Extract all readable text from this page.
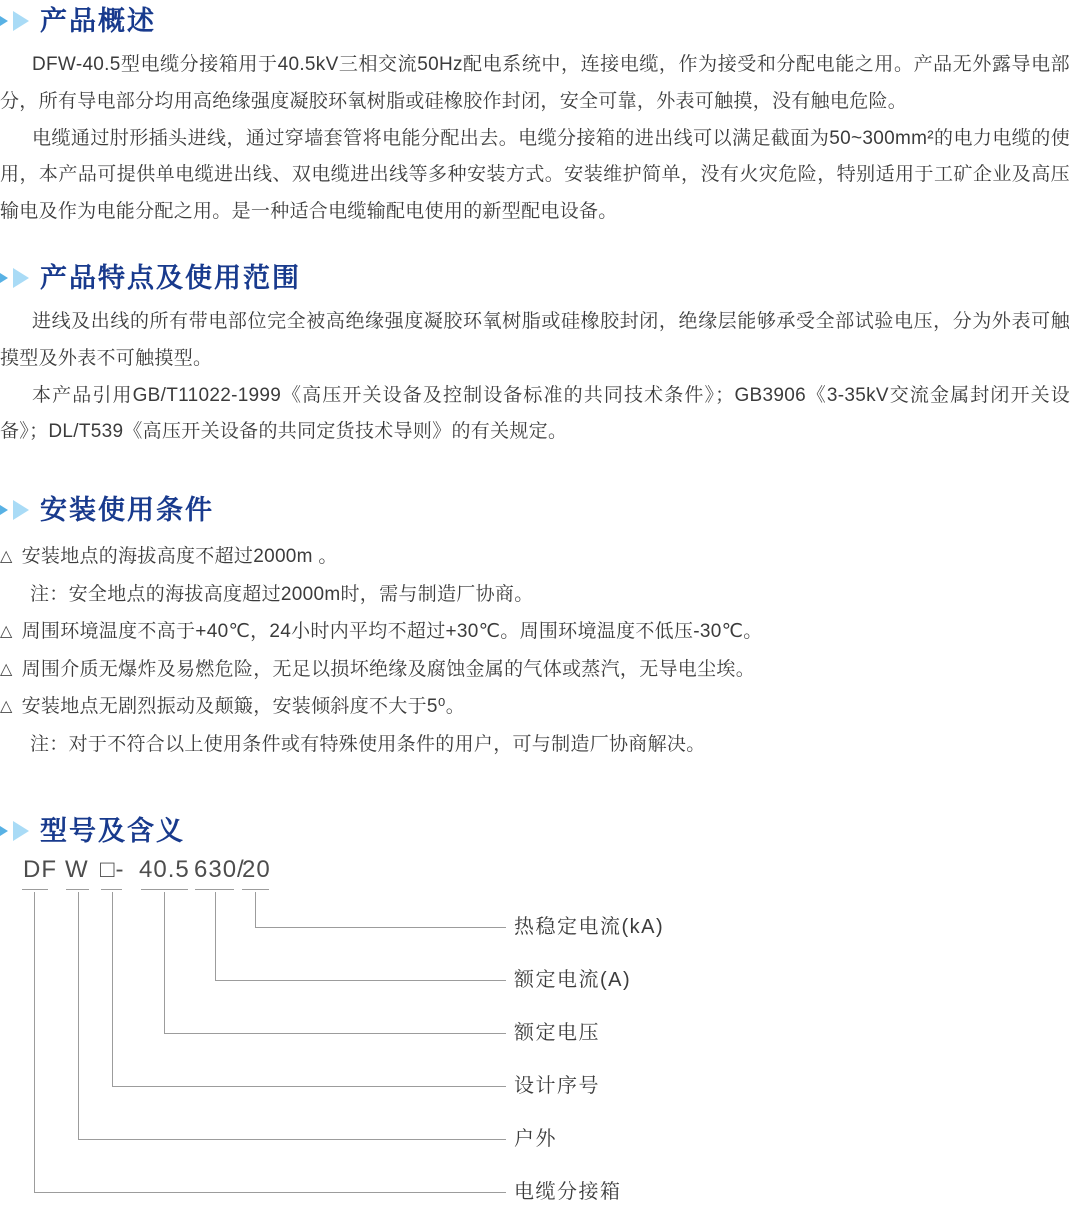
产品概述

DFW-40.5型电缆分接箱用于40.5kV三相交流50Hz配电系统中，连接电缆，作为接受和分配电能之用。产品无外露导电部分，所有导电部分均用高绝缘强度凝胶环氧树脂或硅橡胶作封闭，安全可靠，外表可触摸，没有触电危险。

电缆通过肘形插头进线，通过穿墙套管将电能分配出去。电缆分接箱的进出线可以满足截面为50~300mm²的电力电缆的使用，本产品可提供单电缆进出线、双电缆进出线等多种安装方式。安装维护简单，没有火灾危险，特别适用于工矿企业及高压输电及作为电能分配之用。是一种适合电缆输配电使用的新型配电设备。

产品特点及使用范围

进线及出线的所有带电部位完全被高绝缘强度凝胶环氧树脂或硅橡胶封闭，绝缘层能够承受全部试验电压，分为外表可触摸型及外表不可触摸型。

本产品引用GB/T11022-1999《高压开关设备及控制设备标准的共同技术条件》；GB3906《3-35kV交流金属封闭开关设备》；DL/T539《高压开关设备的共同定货技术导则》的有关规定。

安装使用条件
△ 安装地点的海拔高度不超过2000m 。
注：安全地点的海拔高度超过2000m时，需与制造厂协商。
△ 周围环境温度不高于+40℃，24小时内平均不超过+30℃。周围环境温度不低压-30℃。
△ 周围介质无爆炸及易燃危险，无足以损坏绝缘及腐蚀金属的气体或蒸汽，无导电尘埃。
△ 安装地点无剧烈振动及颠簸，安装倾斜度不大于5⁰。
注：对于不符合以上使用条件或有特殊使用条件的用户，可与制造厂协商解决。
型号及含义
DF W □- 40.5 630/
20
电缆分接箱
户外
设计序号
额定电压
额定电流(A)
热稳定电流(kA)
